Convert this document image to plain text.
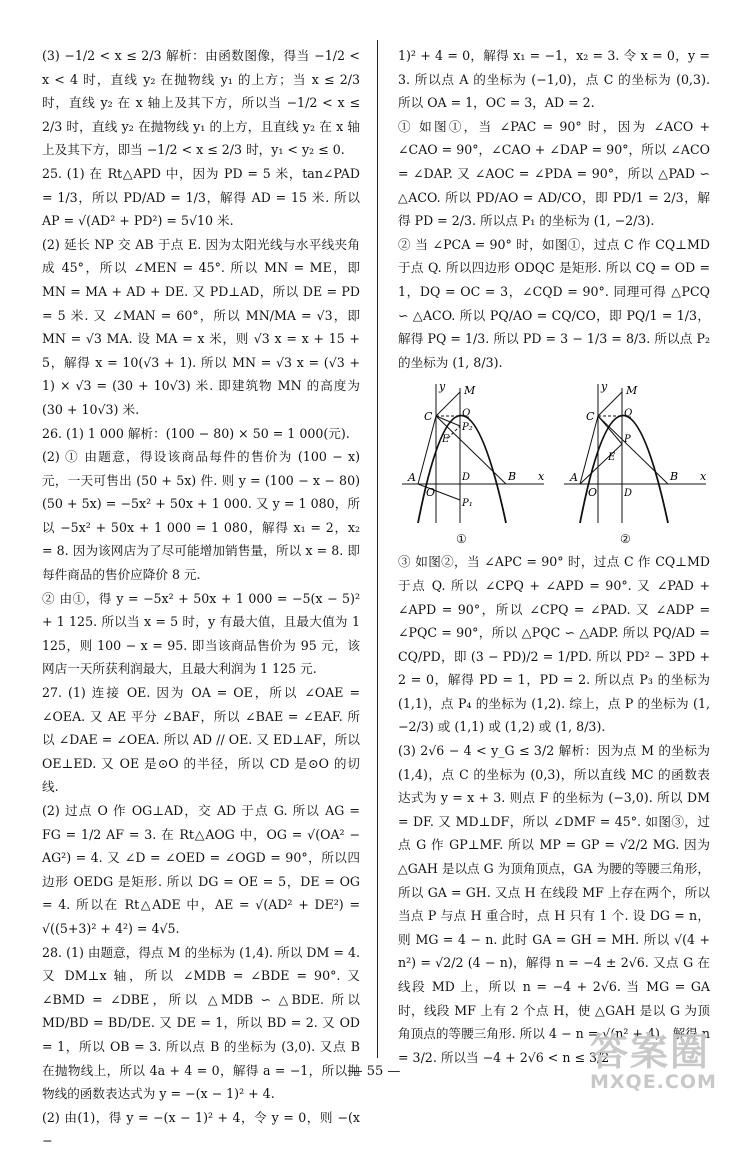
(3) −1/2 < x ≤ 2/3 解析：由函数图像，得当 −1/2 < x < 4 时，直线 y₂ 在抛物线 y₁ 的上方；当 x ≤ 2/3 时，直线 y₂ 在 x 轴上及其下方，所以当 −1/2 < x ≤ 2/3 时，直线 y₂ 在抛物线 y₁ 的上方，且直线 y₂ 在 x 轴上及其下方，即当 −1/2 < x ≤ 2/3 时，y₁ < y₂ ≤ 0.

25. (1) 在 Rt△APD 中，因为 PD = 5 米，tan∠PAD = 1/3，所以 PD/AD = 1/3，解得 AD = 15 米. 所以 AP = √(AD² + PD²) = 5√10 米.

(2) 延长 NP 交 AB 于点 E. 因为太阳光线与水平线夹角成 45°，所以 ∠MEN = 45°. 所以 MN = ME，即 MN = MA + AD + DE. 又 PD⊥AD，所以 DE = PD = 5 米. 又 ∠MAN = 60°，所以 MN/MA = √3，即 MN = √3 MA. 设 MA = x 米，则 √3 x = x + 15 + 5，解得 x = 10(√3 + 1). 所以 MN = √3 x = (√3 + 1) × √3 = (30 + 10√3) 米. 即建筑物 MN 的高度为 (30 + 10√3) 米.

26. (1) 1 000 解析：(100 − 80) × 50 = 1 000(元).

(2) ① 由题意，得设该商品每件的售价为 (100 − x) 元，一天可售出 (50 + 5x) 件. 则 y = (100 − x − 80)(50 + 5x) = −5x² + 50x + 1 000. 又 y = 1 080，所以 −5x² + 50x + 1 000 = 1 080，解得 x₁ = 2，x₂ = 8. 因为该网店为了尽可能增加销售量，所以 x = 8. 即每件商品的售价应降价 8 元.

② 由①，得 y = −5x² + 50x + 1 000 = −5(x − 5)² + 1 125. 所以当 x = 5 时，y 有最大值，且最大值为 1 125，则 100 − x = 95. 即当该商品售价为 95 元，该网店一天所获利润最大，且最大利润为 1 125 元.

27. (1) 连接 OE. 因为 OA = OE，所以 ∠OAE = ∠OEA. 又 AE 平分 ∠BAF，所以 ∠BAE = ∠EAF. 所以 ∠DAE = ∠OEA. 所以 AD // OE. 又 ED⊥AF，所以 OE⊥ED. 又 OE 是⊙O 的半径，所以 CD 是⊙O 的切线.

(2) 过点 O 作 OG⊥AD，交 AD 于点 G. 所以 AG = FG = 1/2 AF = 3. 在 Rt△AOG 中，OG = √(OA² − AG²) = 4. 又 ∠D = ∠OED = ∠OGD = 90°，所以四边形 OEDG 是矩形. 所以 DG = OE = 5，DE = OG = 4. 所以在 Rt△ADE 中，AE = √(AD² + DE²) = √((5+3)² + 4²) = 4√5.

28. (1) 由题意，得点 M 的坐标为 (1,4). 所以 DM = 4. 又 DM⊥x 轴，所以 ∠MDB = ∠BDE = 90°. 又 ∠BMD = ∠DBE，所以 △MDB ∽ △BDE. 所以 MD/BD = BD/DE. 又 DE = 1，所以 BD = 2. 又 OD = 1，所以 OB = 3. 所以点 B 的坐标为 (3,0). 又点 B 在抛物线上，所以 4a + 4 = 0，解得 a = −1，所以抛物线的函数表达式为 y = −(x − 1)² + 4.

(2) 由(1)，得 y = −(x − 1)² + 4，令 y = 0，则 −(x −

1)² + 4 = 0，解得 x₁ = −1，x₂ = 3. 令 x = 0，y = 3. 所以点 A 的坐标为 (−1,0)，点 C 的坐标为 (0,3). 所以 OA = 1，OC = 3，AD = 2.

① 如图①，当 ∠PAC = 90° 时，因为 ∠ACO + ∠CAO = 90°，∠CAO + ∠DAP = 90°，所以 ∠ACO = ∠DAP. 又 ∠AOC = ∠PDA = 90°，所以 △PAD ∽ △ACO. 所以 PD/AO = AD/CO，即 PD/1 = 2/3，解得 PD = 2/3. 所以点 P₁ 的坐标为 (1, −2/3).

② 当 ∠PCA = 90° 时，如图①，过点 C 作 CQ⊥MD 于点 Q. 所以四边形 ODQC 是矩形. 所以 CQ = OD = 1，DQ = OC = 3，∠CQD = 90°. 同理可得 △PCQ ∽ △ACO. 所以 PQ/AO = CQ/CO，即 PQ/1 = 1/3，解得 PQ = 1/3. 所以 PD = 3 − 1/3 = 8/3. 所以点 P₂ 的坐标为 (1, 8/3).

y
x
M
C	Q
P₂
E
A
O
D
P₁
B
y
x
M
C	Q
P
E
A
O	D
B
①	②

③ 如图②，当 ∠APC = 90° 时，过点 C 作 CQ⊥MD 于点 Q. 所以 ∠CPQ + ∠APD = 90°. 又 ∠PAD + ∠APD = 90°，所以 ∠CPQ = ∠PAD. 又 ∠ADP = ∠PQC = 90°，所以 △PQC ∽ △ADP. 所以 PQ/AD = CQ/PD，即 (3 − PD)/2 = 1/PD. 所以 PD² − 3PD + 2 = 0，解得 PD = 1，PD = 2. 所以点 P₃ 的坐标为 (1,1)，点 P₄ 的坐标为 (1,2). 综上，点 P 的坐标为 (1, −2/3) 或 (1,1) 或 (1,2) 或 (1, 8/3).

(3) 2√6 − 4 < y_G ≤ 3/2 解析：因为点 M 的坐标为 (1,4)，点 C 的坐标为 (0,3)，所以直线 MC 的函数表达式为 y = x + 3. 则点 F 的坐标为 (−3,0). 所以 DM = DF. 又 MD⊥DF，所以 ∠DMF = 45°. 如图③，过点 G 作 GP⊥MF. 所以 MP = GP = √2/2 MG. 因为 △GAH 是以点 G 为顶角顶点，GA 为腰的等腰三角形，所以 GA = GH. 又点 H 在线段 MF 上存在两个，所以当点 P 与点 H 重合时，点 H 只有 1 个. 设 DG = n，则 MG = 4 − n. 此时 GA = GH = MH. 所以 √(4 + n²) = √2/2 (4 − n)，解得 n = −4 ± 2√6. 又点 G 在线段 MD 上，所以 n = −4 + 2√6. 当 MG = GA 时，线段 MF 上有 2 个点 H，使 △GAH 是以 G 为顶角顶点的等腰三角形. 所以 4 − n = √(n² + 4)，解得 n = 3/2. 所以当 −4 + 2√6 < n ≤ 3/2

— 55 —	答案圈
MXQE.COM
